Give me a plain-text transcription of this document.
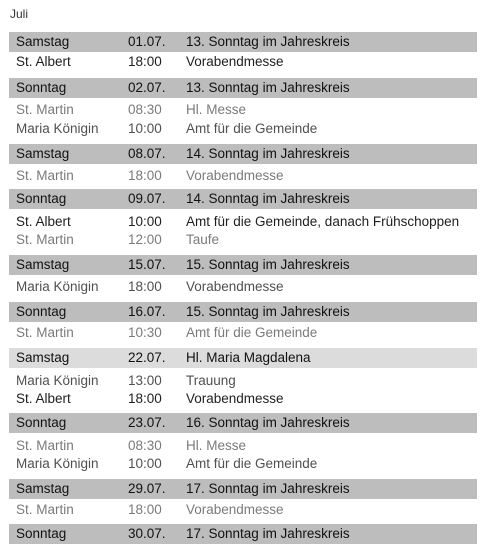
Juli
Samstag	01.07. 13. Sonntag im Jahreskreis
St. Albert	18:00 Vorabendmesse
Sonntag	02.07. 13. Sonntag im Jahreskreis
St. Martin	08:30 Hl. Messe
Maria Königin 10:00 Amt für die Gemeinde
Samstag	08.07. 14. Sonntag im Jahreskreis
St. Martin	18:00 Vorabendmesse
Sonntag	09.07. 14. Sonntag im Jahreskreis
St. Albert	10:00 Amt für die Gemeinde, danach Frühschoppen
St. Martin	12:00 Taufe
Samstag	15.07. 15. Sonntag im Jahreskreis
Maria Königin 18:00 Vorabendmesse
Sonntag	16.07. 15. Sonntag im Jahreskreis
St. Martin	10:30 Amt für die Gemeinde
Samstag	22.07. Hl. Maria Magdalena
Maria Königin 13:00 Trauung
St. Albert	18:00 Vorabendmesse
Sonntag	23.07. 16. Sonntag im Jahreskreis
St. Martin	08:30 Hl. Messe
Maria Königin 10:00 Amt für die Gemeinde
Samstag	29.07. 17. Sonntag im Jahreskreis
St. Martin	18:00 Vorabendmesse
Sonntag	30.07. 17. Sonntag im Jahreskreis
